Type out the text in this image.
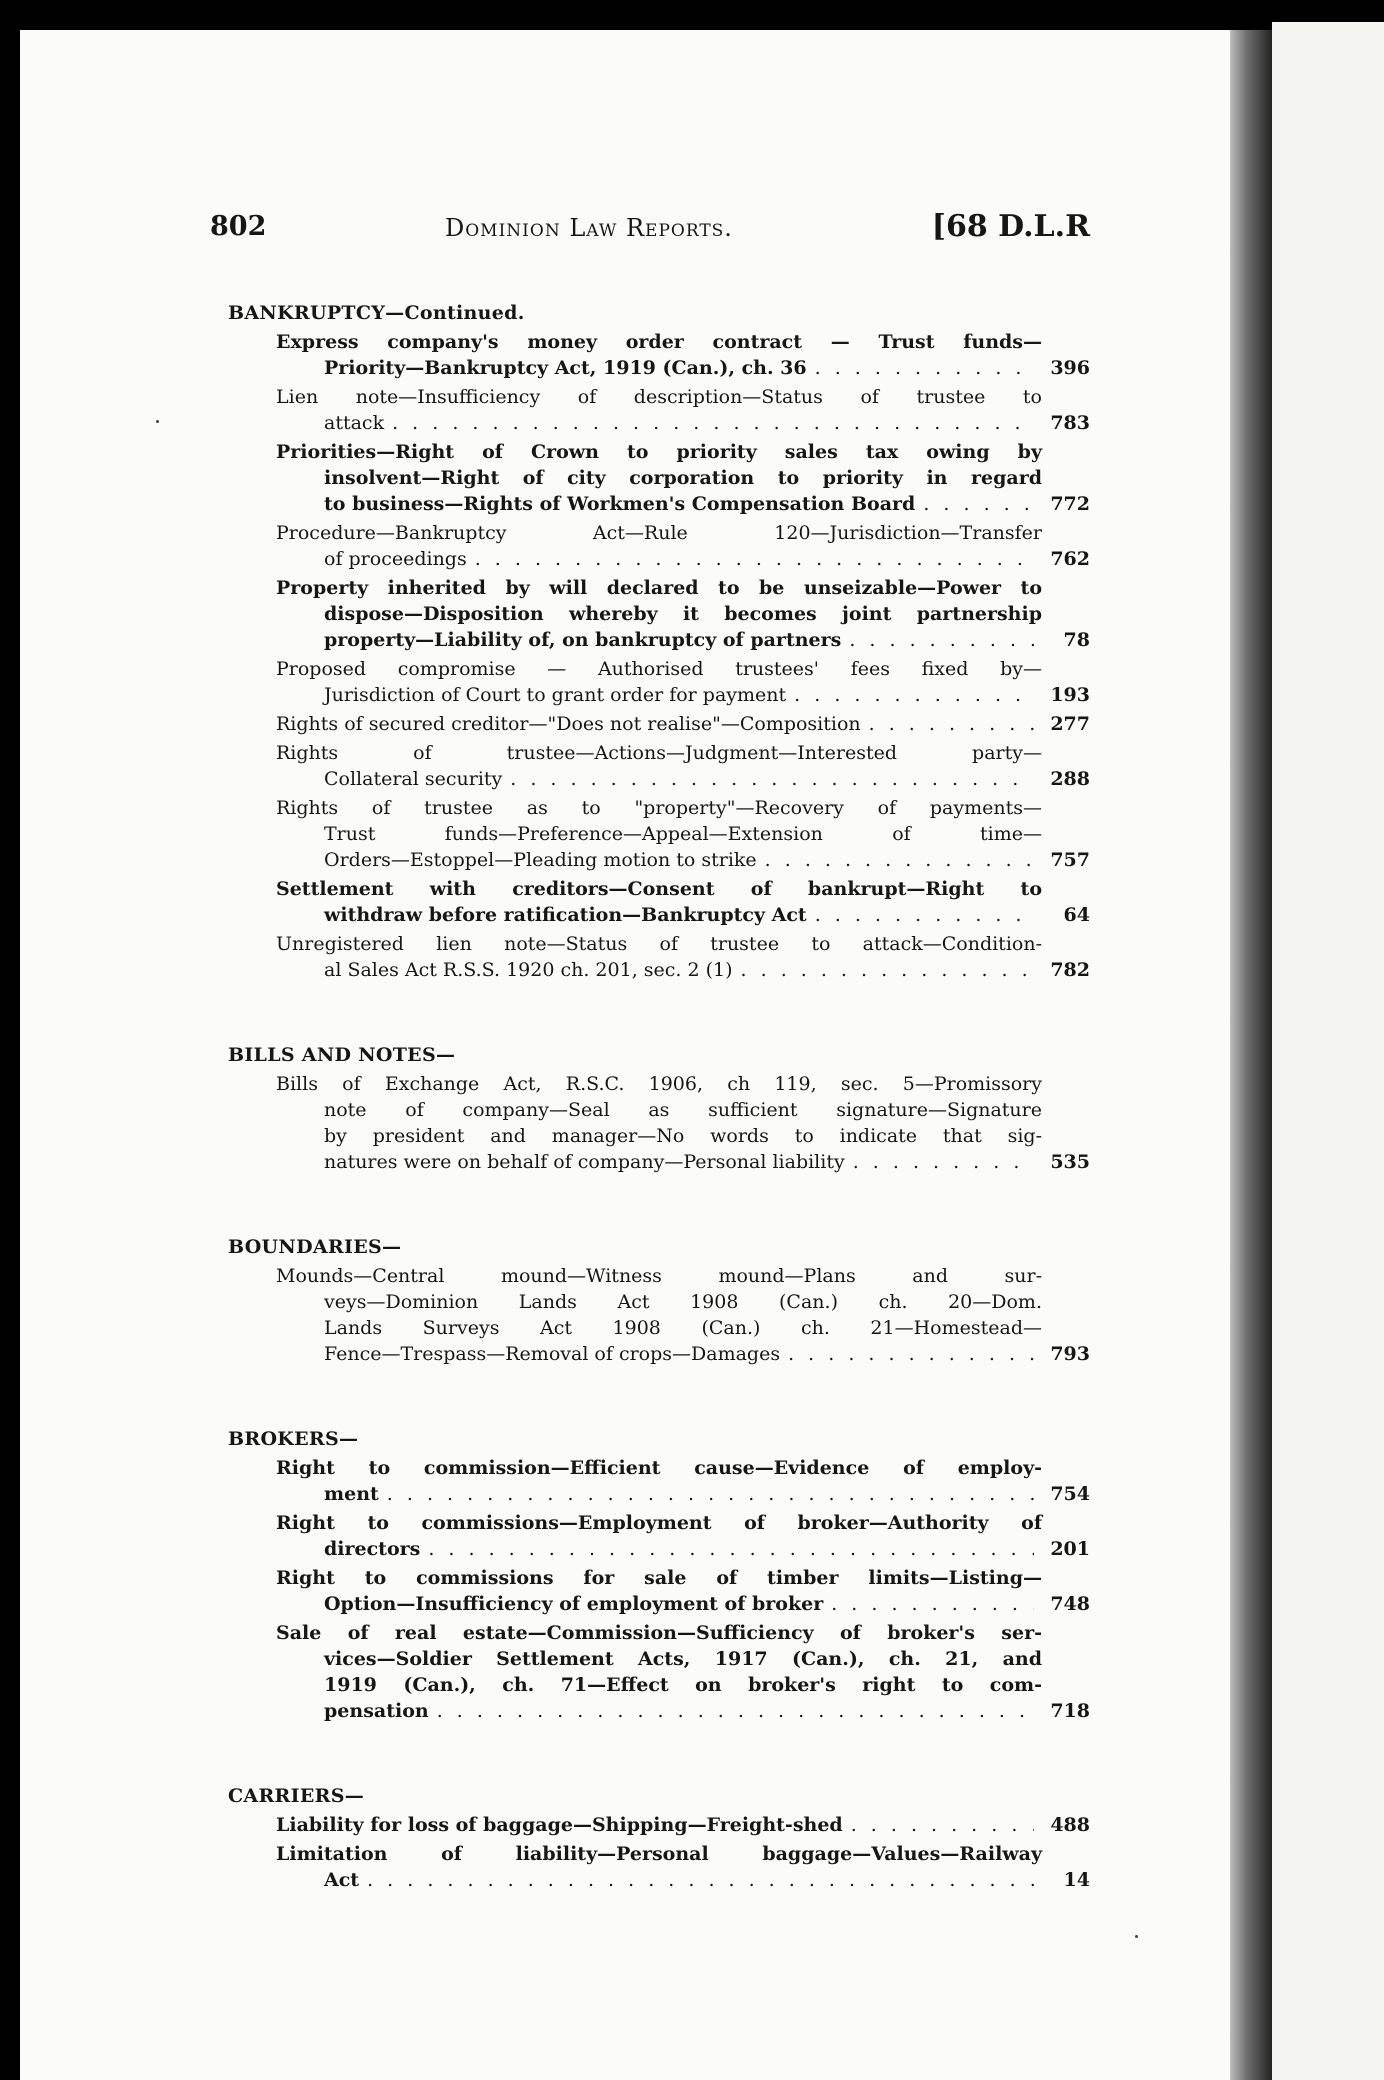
802	Dominion Law Reports.	[68 D.L.R
BANKRUPTCY—Continued.
Express company's money order contract — Trust funds—
Priority—Bankruptcy Act, 1919 (Can.), ch. 36 . . .	396
Lien note—Insufficiency of description—Status of trustee to
attack . . .	783
Priorities—Right of Crown to priority sales tax owing by
insolvent—Right of city corporation to priority in regard
to business—Rights of Workmen's Compensation Board . . .	772
Procedure—Bankruptcy Act—Rule 120—Jurisdiction—Transfer
of proceedings . . .	762
Property inherited by will declared to be unseizable—Power to
dispose—Disposition whereby it becomes joint partnership
property—Liability of, on bankruptcy of partners . . .	78
Proposed compromise — Authorised trustees' fees fixed by—
Jurisdiction of Court to grant order for payment . . .	193
Rights of secured creditor—"Does not realise"—Composition . . .	277
Rights of trustee—Actions—Judgment—Interested party—
Collateral security . . .	288
Rights of trustee as to "property"—Recovery of payments—
Trust funds—Preference—Appeal—Extension of time—
Orders—Estoppel—Pleading motion to strike . . .	757
Settlement with creditors—Consent of bankrupt—Right to
withdraw before ratification—Bankruptcy Act . . .	64
Unregistered lien note—Status of trustee to attack—Condition-
al Sales Act R.S.S. 1920 ch. 201, sec. 2 (1) . . .	782
BILLS AND NOTES—
Bills of Exchange Act, R.S.C. 1906, ch 119, sec. 5—Promissory
note of company—Seal as sufficient signature—Signature
by president and manager—No words to indicate that sig-
natures were on behalf of company—Personal liability . . .	535
BOUNDARIES—
Mounds—Central mound—Witness mound—Plans and sur-
veys—Dominion Lands Act 1908 (Can.) ch. 20—Dom.
Lands Surveys Act 1908 (Can.) ch. 21—Homestead—
Fence—Trespass—Removal of crops—Damages . . .	793
BROKERS—
Right to commission—Efficient cause—Evidence of employ-
ment . . .	754
Right to commissions—Employment of broker—Authority of
directors . . .	201
Right to commissions for sale of timber limits—Listing—
Option—Insufficiency of employment of broker . . .	748
Sale of real estate—Commission—Sufficiency of broker's ser-
vices—Soldier Settlement Acts, 1917 (Can.), ch. 21, and
1919 (Can.), ch. 71—Effect on broker's right to com-
pensation . . .	718
CARRIERS—
Liability for loss of baggage—Shipping—Freight-shed . . .	488
Limitation of liability—Personal baggage—Values—Railway
Act . . .	14
